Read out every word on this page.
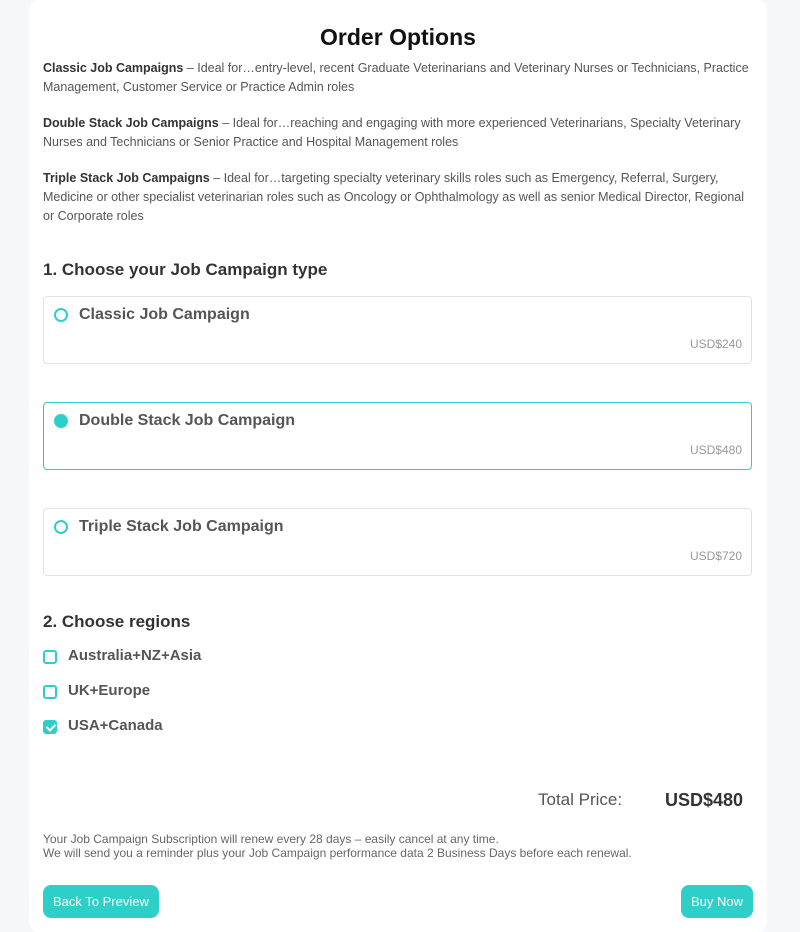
Order Options
Classic Job Campaigns – Ideal for…entry-level, recent Graduate Veterinarians and Veterinary Nurses or Technicians, Practice Management, Customer Service or Practice Admin roles
Double Stack Job Campaigns – Ideal for…reaching and engaging with more experienced Veterinarians, Specialty Veterinary Nurses and Technicians or Senior Practice and Hospital Management roles
Triple Stack Job Campaigns – Ideal for…targeting specialty veterinary skills roles such as Emergency, Referral, Surgery, Medicine or other specialist veterinarian roles such as Oncology or Ophthalmology as well as senior Medical Director, Regional or Corporate roles
1. Choose your Job Campaign type
Classic Job Campaign
USD$240
Double Stack Job Campaign
USD$480
Triple Stack Job Campaign
USD$720
2. Choose regions
Australia+NZ+Asia
UK+Europe
USA+Canada
Total Price: USD$480
Your Job Campaign Subscription will renew every 28 days – easily cancel at any time.
We will send you a reminder plus your Job Campaign performance data 2 Business Days before each renewal.
Back To Preview	Buy Now
